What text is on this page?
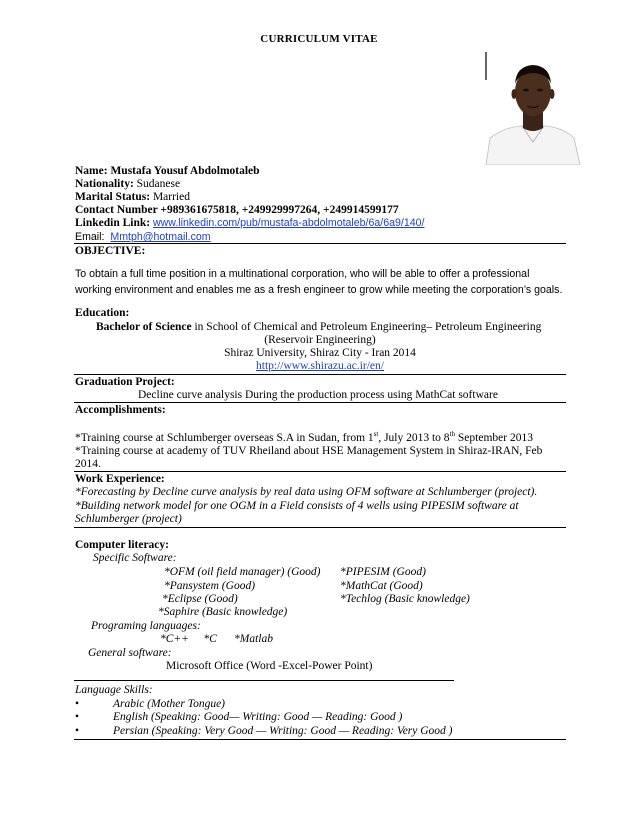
CURRICULUM VITAE
Name: Mustafa Yousuf Abdolmotaleb
Nationality: Sudanese
Marital Status: Married
Contact Number +989361675818, +249929997264, +249914599177
Linkedin Link: www.linkedin.com/pub/mustafa-abdolmotaleb/6a/6a9/140/
Email: Mmtph@hotmail.com
OBJECTIVE:
To obtain a full time position in a multinational corporation, who will be able to offer a professional
working environment and enables me as a fresh engineer to grow while meeting the corporation’s goals.
Education:
Bachelor of Science in School of Chemical and Petroleum Engineering– Petroleum Engineering
(Reservoir Engineering)
Shiraz University, Shiraz City - Iran 2014
http://www.shirazu.ac.ir/en/
Graduation Project:
Decline curve analysis During the production process using MathCat software
Accomplishments:
*Training course at Schlumberger overseas S.A in Sudan, from 1st, July 2013 to 8th September 2013
*Training course at academy of TUV Rheiland about HSE Management System in Shiraz-IRAN, Feb
2014.
Work Experience:
*Forecasting by Decline curve analysis by real data using OFM software at Schlumberger (project).
*Building network model for one OGM in a Field consists of 4 wells using PIPESIM software at
Schlumberger (project)
Computer literacy:
Specific Software:
*OFM (oil field manager) (Good) *PIPESIM (Good)
*Pansystem (Good)	*MathCat (Good)
*Eclipse (Good)	*Techlog (Basic knowledge)
*Saphire (Basic knowledge)
Programing languages:
*C++     *C      *Matlab
General software:
Microsoft Office (Word -Excel-Power Point)
Language Skills:
•	Arabic (Mother Tongue)
•	English (Speaking: Good— Writing: Good — Reading: Good )
•	Persian (Speaking: Very Good — Writing: Good — Reading: Very Good )
